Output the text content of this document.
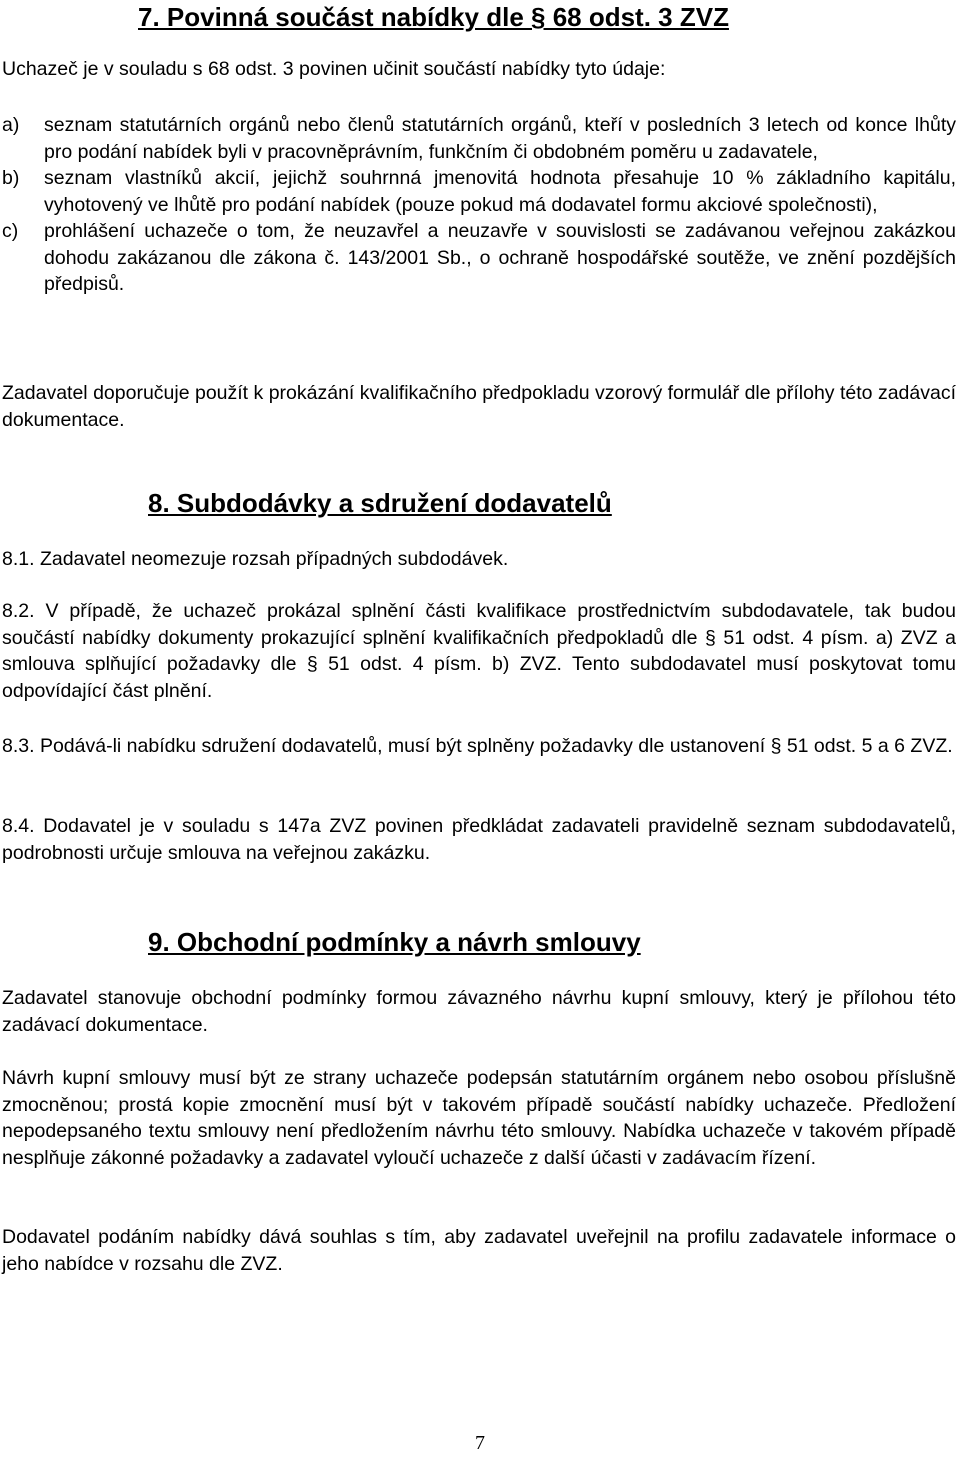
7. Povinná součást nabídky dle § 68 odst. 3 ZVZ

Uchazeč je v souladu s 68 odst. 3 povinen učinit součástí nabídky tyto údaje:

a)	seznam statutárních orgánů nebo členů statutárních orgánů, kteří v posledních 3 letech od konce lhůty pro podání nabídek byli v pracovněprávním, funkčním či obdobném poměru u zadavatele,
b)	seznam vlastníků akcií, jejichž souhrnná jmenovitá hodnota přesahuje 10 % základního kapitálu, vyhotovený ve lhůtě pro podání nabídek (pouze pokud má dodavatel formu akciové společnosti),
c)	prohlášení uchazeče o tom, že neuzavřel a neuzavře v souvislosti se zadávanou veřejnou zakázkou dohodu zakázanou dle zákona č. 143/2001 Sb., o ochraně hospodářské soutěže, ve znění pozdějších předpisů.

Zadavatel doporučuje použít k prokázání kvalifikačního předpokladu vzorový formulář dle přílohy této zadávací dokumentace.

8. Subdodávky a sdružení dodavatelů

8.1. Zadavatel neomezuje rozsah případných subdodávek.

8.2. V případě, že uchazeč prokázal splnění části kvalifikace prostřednictvím subdodavatele, tak budou součástí nabídky dokumenty prokazující splnění kvalifikačních předpokladů dle § 51 odst. 4 písm. a) ZVZ a smlouva splňující požadavky dle § 51 odst. 4 písm. b) ZVZ. Tento subdodavatel musí poskytovat tomu odpovídající část plnění.

8.3. Podává-li nabídku sdružení dodavatelů, musí být splněny požadavky dle ustanovení § 51 odst. 5 a 6 ZVZ.

8.4. Dodavatel je v souladu s 147a ZVZ povinen předkládat zadavateli pravidelně seznam subdodavatelů, podrobnosti určuje smlouva na veřejnou zakázku.

9. Obchodní podmínky a návrh smlouvy

Zadavatel stanovuje obchodní podmínky formou závazného návrhu kupní smlouvy, který je přílohou této zadávací dokumentace.

Návrh kupní smlouvy musí být ze strany uchazeče podepsán statutárním orgánem nebo osobou příslušně zmocněnou; prostá kopie zmocnění musí být v takovém případě součástí nabídky uchazeče. Předložení nepodepsaného textu smlouvy není předložením návrhu této smlouvy. Nabídka uchazeče v takovém případě nesplňuje zákonné požadavky a zadavatel vyloučí uchazeče z další účasti v zadávacím řízení.

Dodavatel podáním nabídky dává souhlas s tím, aby zadavatel uveřejnil na profilu zadavatele informace o jeho nabídce v rozsahu dle ZVZ.

7
